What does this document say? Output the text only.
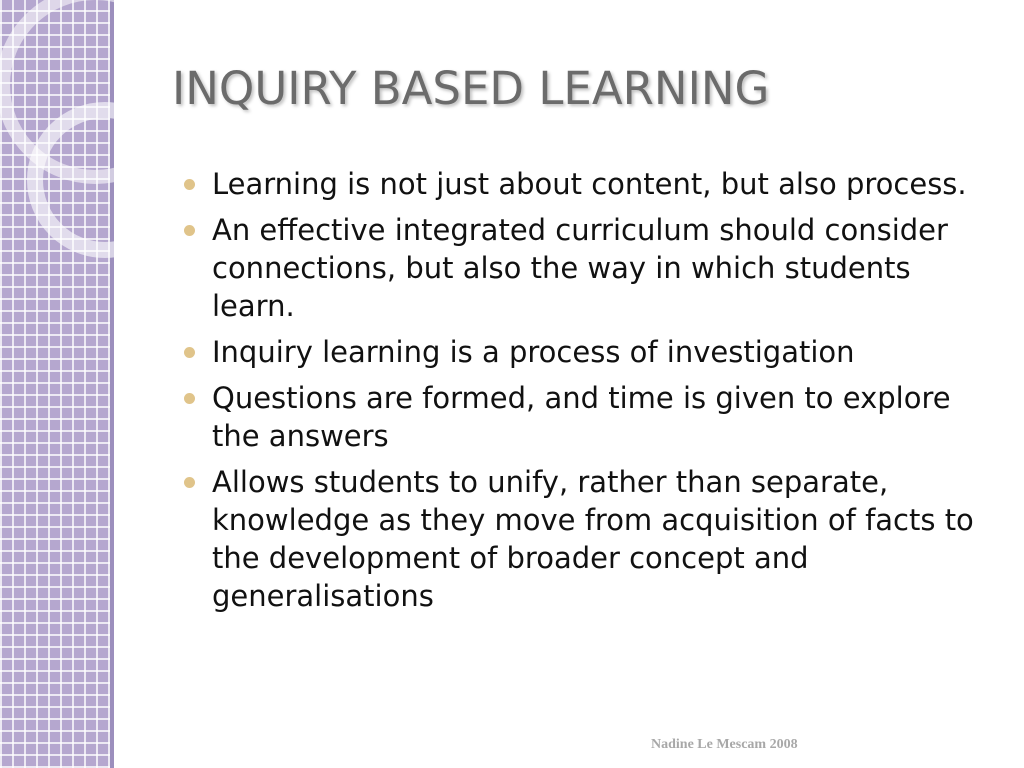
INQUIRY BASED LEARNING
Learning is not just about content, but also process.
An effective integrated curriculum should consider connections, but also the way in which students learn.
Inquiry learning is a process of investigation
Questions are formed, and time is given to explore the answers
Allows students to unify, rather than separate, knowledge as they move from acquisition of facts to the development of broader concept and generalisations
Nadine Le Mescam 2008
